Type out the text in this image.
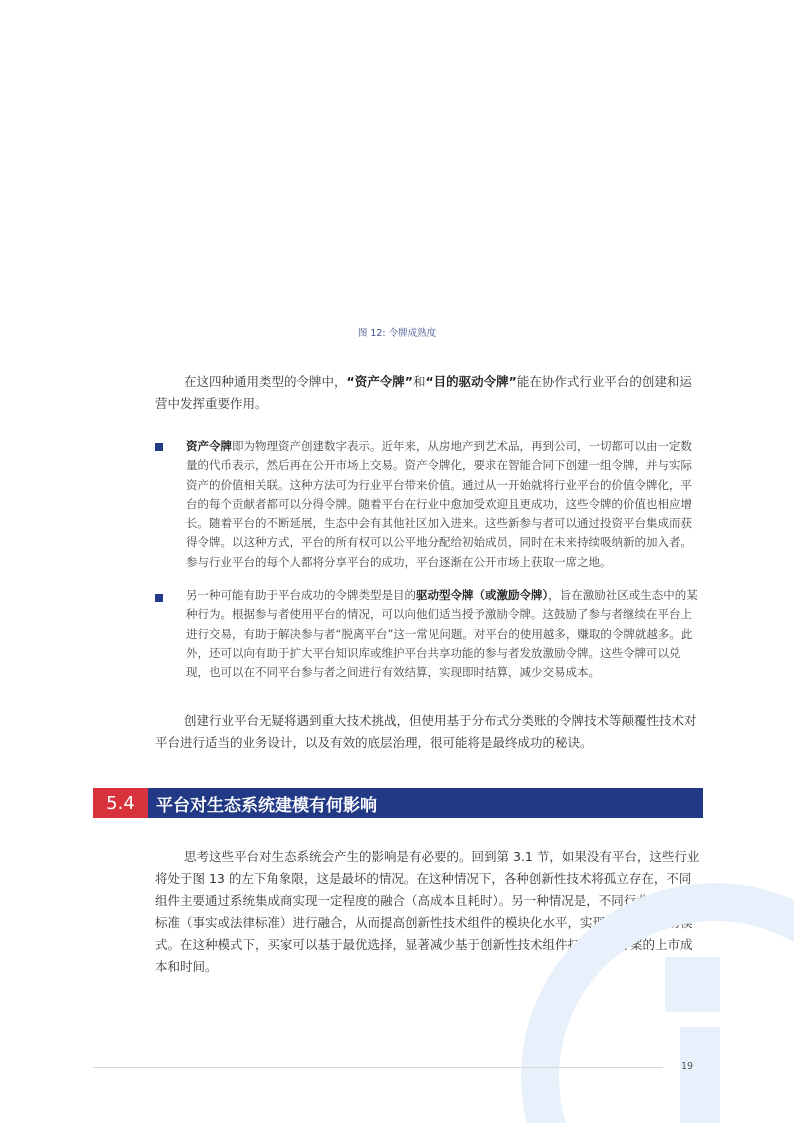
图 12: 令牌成熟度

在这四种通用类型的令牌中，“资产令牌”和“目的驱动令牌”能在协作式行业平台的创建和运营中发挥重要作用。

资产令牌即为物理资产创建数字表示。近年来，从房地产到艺术品，再到公司，一切都可以由一定数量的代币表示，然后再在公开市场上交易。资产令牌化，要求在智能合同下创建一组令牌，并与实际资产的价值相关联。这种方法可为行业平台带来价值。通过从一开始就将行业平台的价值令牌化，平台的每个贡献者都可以分得令牌。随着平台在行业中愈加受欢迎且更成功，这些令牌的价值也相应增长。随着平台的不断延展，生态中会有其他社区加入进来。这些新参与者可以通过投资平台集成而获得令牌。以这种方式，平台的所有权可以公平地分配给初始成员，同时在未来持续吸纳新的加入者。参与行业平台的每个人都将分享平台的成功，平台逐渐在公开市场上获取一席之地。

另一种可能有助于平台成功的令牌类型是目的驱动型令牌（或激励令牌），旨在激励社区或生态中的某种行为。根据参与者使用平台的情况，可以向他们适当授予激励令牌。这鼓励了参与者继续在平台上进行交易，有助于解决参与者“脱离平台”这一常见问题。对平台的使用越多，赚取的令牌就越多。此外，还可以向有助于扩大平台知识库或维护平台共享功能的参与者发放激励令牌。这些令牌可以兑现，也可以在不同平台参与者之间进行有效结算，实现即时结算，减少交易成本。

创建行业平台无疑将遇到重大技术挑战，但使用基于分布式分类账的令牌技术等颠覆性技术对平台进行适当的业务设计，以及有效的底层治理，很可能将是最终成功的秘诀。

5.4	平台对生态系统建模有何影响

思考这些平台对生态系统会产生的影响是有必要的。回到第 3.1 节，如果没有平台，这些行业将处于图 13 的左下角象限，这是最坏的情况。在这种情况下，各种创新性技术将孤立存在，不同组件主要通过系统集成商实现一定程度的融合（高成本且耗时）。另一种情况是，不同行业基于统一标准（事实或法律标准）进行融合，从而提高创新性技术组件的模块化水平，实现一种开放市场模式。在这种模式下，买家可以基于最优选择，显著减少基于创新性技术组件打造解决方案的上市成本和时间。

19
